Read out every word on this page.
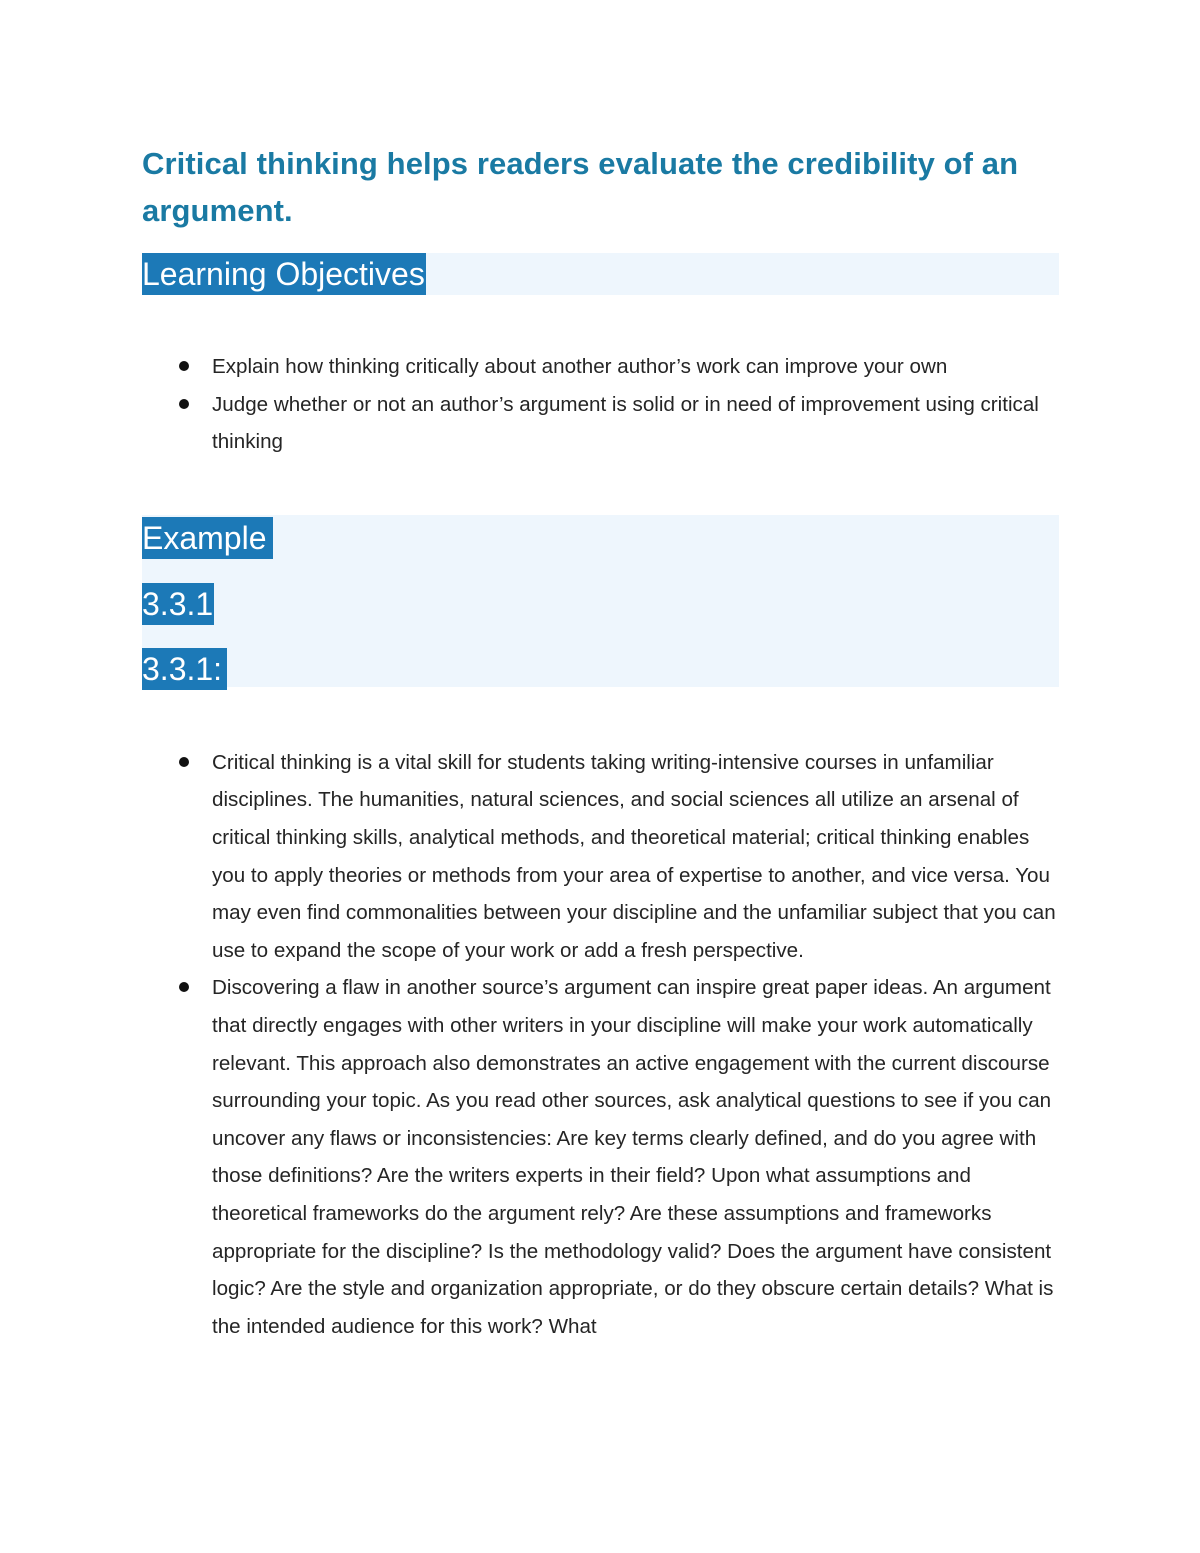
Critical thinking helps readers evaluate the credibility of an argument.
Learning Objectives
Explain how thinking critically about another author’s work can improve your own
Judge whether or not an author’s argument is solid or in need of improvement using critical thinking
Example
3.3.1
3.3.1:
Critical thinking is a vital skill for students taking writing-intensive courses in unfamiliar disciplines. The humanities, natural sciences, and social sciences all utilize an arsenal of critical thinking skills, analytical methods, and theoretical material; critical thinking enables you to apply theories or methods from your area of expertise to another, and vice versa. You may even find commonalities between your discipline and the unfamiliar subject that you can use to expand the scope of your work or add a fresh perspective.
Discovering a flaw in another source’s argument can inspire great paper ideas. An argument that directly engages with other writers in your discipline will make your work automatically relevant. This approach also demonstrates an active engagement with the current discourse surrounding your topic. As you read other sources, ask analytical questions to see if you can uncover any flaws or inconsistencies: Are key terms clearly defined, and do you agree with those definitions? Are the writers experts in their field? Upon what assumptions and theoretical frameworks do the argument rely? Are these assumptions and frameworks appropriate for the discipline? Is the methodology valid? Does the argument have consistent logic? Are the style and organization appropriate, or do they obscure certain details? What is the intended audience for this work? What
